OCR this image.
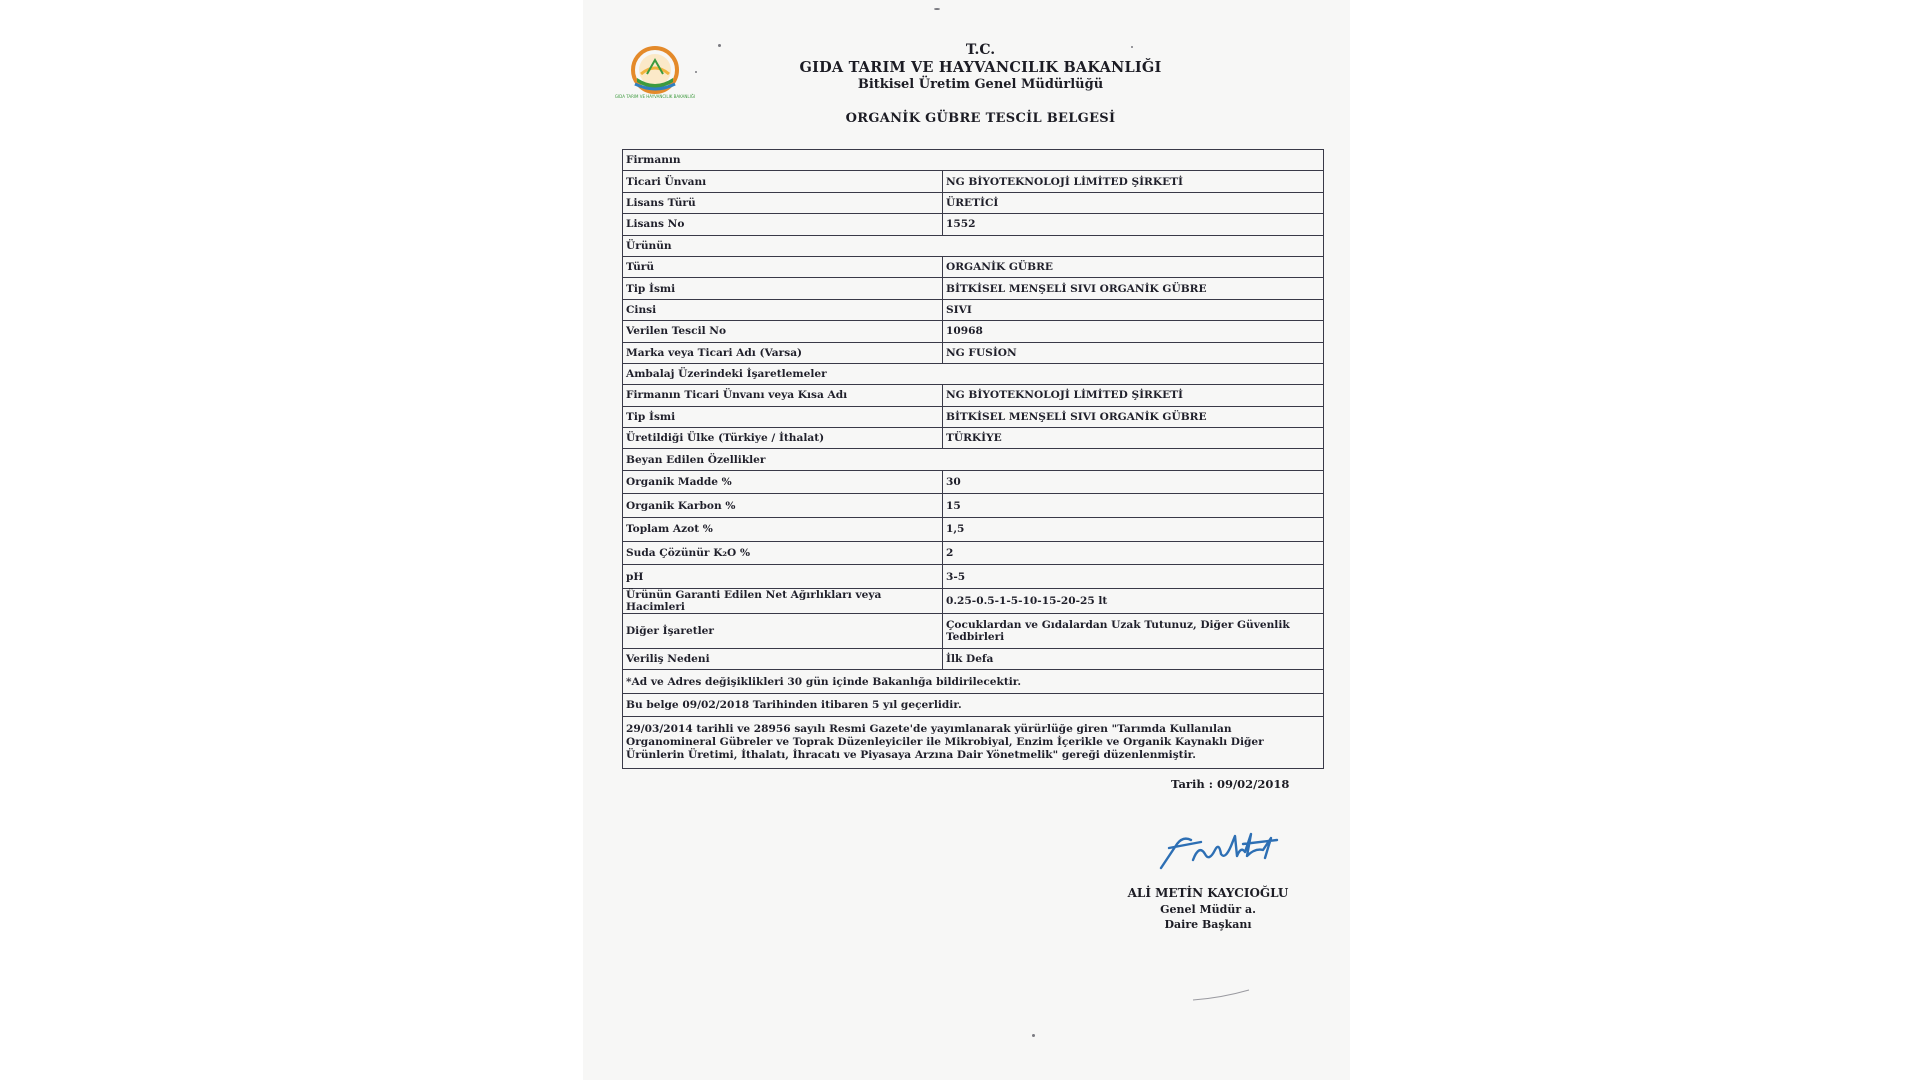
GIDA TARIM VE HAYVANCILIK BAKANLIĞI
T.C.
GIDA TARIM VE HAYVANCILIK BAKANLIĞI
Bitkisel Üretim Genel Müdürlüğü
ORGANİK GÜBRE TESCİL BELGESİ
Firmanın	
Ticari Ünvanı	NG BİYOTEKNOLOJİ LİMİTED ŞİRKETİ
Lisans Türü	ÜRETİCİ
Lisans No	1552
Ürünün	
Türü	ORGANİK GÜBRE
Tip İsmi	BİTKİSEL MENŞELİ SIVI ORGANİK GÜBRE
Cinsi	SIVI
Verilen Tescil No	10968
Marka veya Ticari Adı (Varsa)	NG FUSİON
Ambalaj Üzerindeki İşaretlemeler	
Firmanın Ticari Ünvanı veya Kısa Adı	NG BİYOTEKNOLOJİ LİMİTED ŞİRKETİ
Tip İsmi	BİTKİSEL MENŞELİ SIVI ORGANİK GÜBRE
Üretildiği Ülke (Türkiye / İthalat)	TÜRKİYE
Beyan Edilen Özellikler	
Organik Madde %	30
Organik Karbon %	15
Toplam Azot %	1,5
Suda Çözünür K₂O %	2
pH	3-5
Ürünün Garanti Edilen Net Ağırlıkları veya Hacimleri	0.25-0.5-1-5-10-15-20-25 lt
Diğer İşaretler	Çocuklardan ve Gıdalardan Uzak Tutunuz, Diğer Güvenlik Tedbirleri
Veriliş Nedeni	İlk Defa
*Ad ve Adres değişiklikleri 30 gün içinde Bakanlığa bildirilecektir.	
Bu belge 09/02/2018 Tarihinden itibaren 5 yıl geçerlidir.	
29/03/2014 tarihli ve 28956 sayılı Resmi Gazete'de yayımlanarak yürürlüğe giren "Tarımda Kullanılan Organomineral Gübreler ve Toprak Düzenleyiciler ile Mikrobiyal, Enzim İçerikle ve Organik Kaynaklı Diğer Ürünlerin Üretimi, İthalatı, İhracatı ve Piyasaya Arzına Dair Yönetmelik" gereği düzenlenmiştir.	
Tarih : 09/02/2018
ALİ METİN KAYCIOĞLU
Genel Müdür a.
Daire Başkanı
